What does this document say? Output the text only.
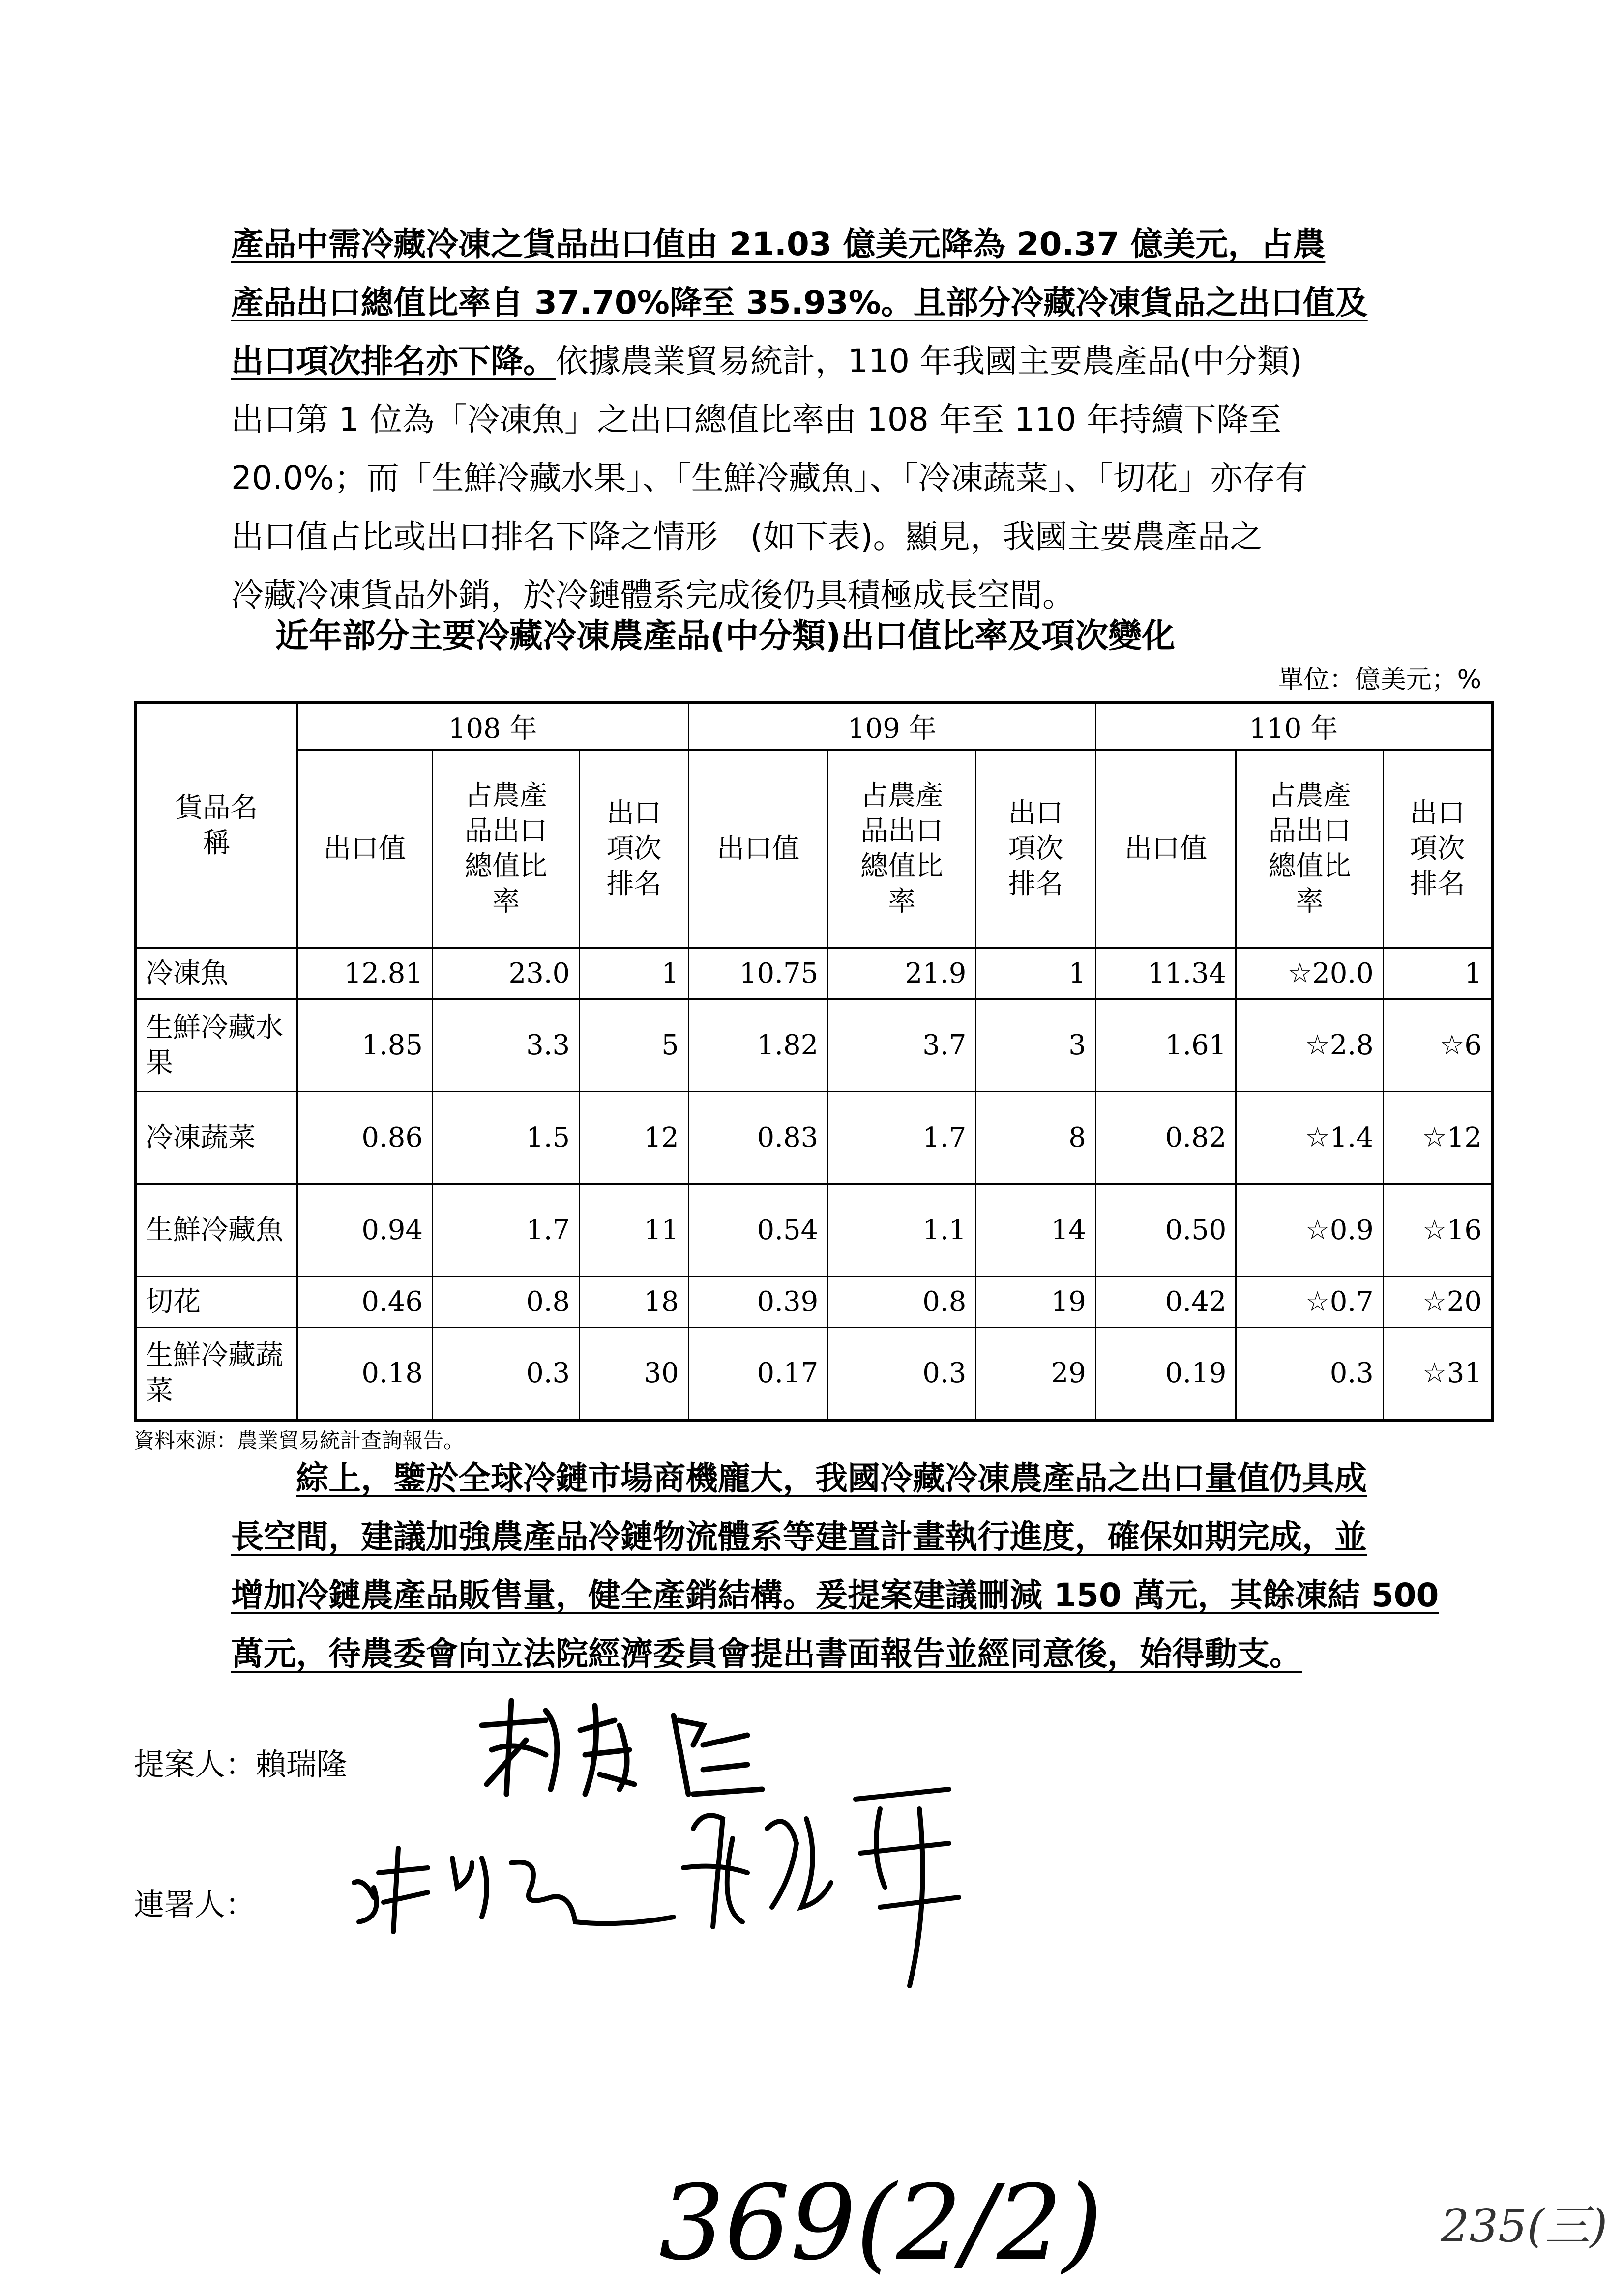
產品中需冷藏冷凍之貨品出口值由 21.03 億美元降為 20.37 億美元，占農
產品出口總值比率自 37.70%降至 35.93%。且部分冷藏冷凍貨品之出口值及
出口項次排名亦下降。依據農業貿易統計，110 年我國主要農產品(中分類)
出口第 1 位為「冷凍魚」之出口總值比率由 108 年至 110 年持續下降至
20.0%；而「生鮮冷藏水果」、「生鮮冷藏魚」、「冷凍蔬菜」、「切花」亦存有
出口值占比或出口排名下降之情形　(如下表)。顯見，我國主要農產品之
冷藏冷凍貨品外銷，於冷鏈體系完成後仍具積極成長空間。
近年部分主要冷藏冷凍農產品(中分類)出口值比率及項次變化
單位：億美元；%
貨品名稱	108 年			109 年			110 年		
	出口值	占農產品出口總值比率	出口項次排名	出口值	占農產品出口總值比率	出口項次排名	出口值	占農產品出口總值比率	出口項次排名
冷凍魚	12.81	23.0	1	10.75	21.9	1	11.34	☆20.0	1
生鮮冷藏水果	1.85	3.3	5	1.82	3.7	3	1.61	☆2.8	☆6
冷凍蔬菜	0.86	1.5	12	0.83	1.7	8	0.82	☆1.4	☆12
生鮮冷藏魚	0.94	1.7	11	0.54	1.1	14	0.50	☆0.9	☆16
切花	0.46	0.8	18	0.39	0.8	19	0.42	☆0.7	☆20
生鮮冷藏蔬菜	0.18	0.3	30	0.17	0.3	29	0.19	0.3	☆31
資料來源：農業貿易統計查詢報告。
綜上，鑒於全球冷鏈市場商機龐大，我國冷藏冷凍農產品之出口量值仍具成
長空間，建議加強農產品冷鏈物流體系等建置計畫執行進度，確保如期完成，並
增加冷鏈農產品販售量，健全產銷結構。爰提案建議刪減 150 萬元，其餘凍結 500
萬元，待農委會向立法院經濟委員會提出書面報告並經同意後，始得動支。
提案人：賴瑞隆
連署人：
369(2/2)	235(三)
